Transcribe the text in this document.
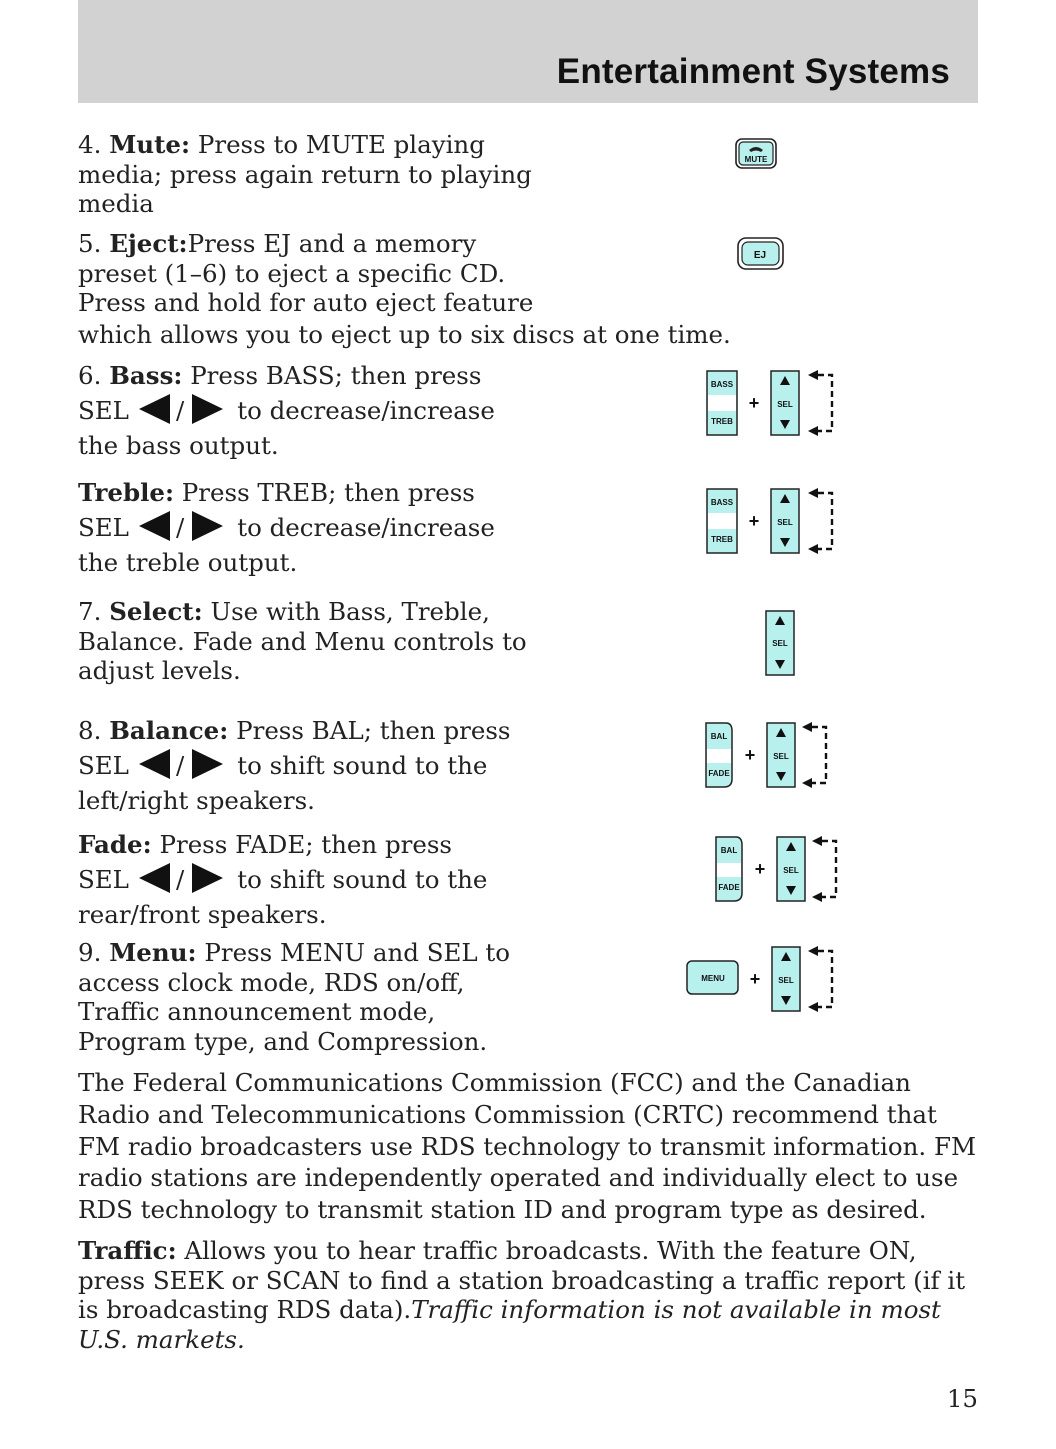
Entertainment Systems
4. Mute: Press to MUTE playing
media; press again return to playing
media
MUTE
5. Eject:Press EJ and a memory
preset (1–6) to eject a specific CD.
Press and hold for auto eject feature
which allows you to eject up to six discs at one time.
EJ
6. Bass: Press BASS; then press
SEL / to decrease/increase
the bass output.
BASS
TREB
+ SEL
Treble: Press TREB; then press
SEL / to decrease/increase
the treble output.
BASS
TREB
+ SEL
7. Select: Use with Bass, Treble,
Balance. Fade and Menu controls to
adjust levels.
SEL
8. Balance: Press BAL; then press
SEL / to shift sound to the
left/right speakers.
BAL
FADE
+ SEL
Fade: Press FADE; then press
SEL / to shift sound to the
rear/front speakers.
BAL
FADE
+ SEL
9. Menu: Press MENU and SEL to
access clock mode, RDS on/off,
Traffic announcement mode,
Program type, and Compression.
MENU + SEL
The Federal Communications Commission (FCC) and the Canadian Radio and Telecommunications Commission (CRTC) recommend that FM radio broadcasters use RDS technology to transmit information. FM radio stations are independently operated and individually elect to use RDS technology to transmit station ID and program type as desired.
Traffic: Allows you to hear traffic broadcasts. With the feature ON, press SEEK or SCAN to find a station broadcasting a traffic report (if it is broadcasting RDS data).Traffic information is not available in most U.S. markets.
15
